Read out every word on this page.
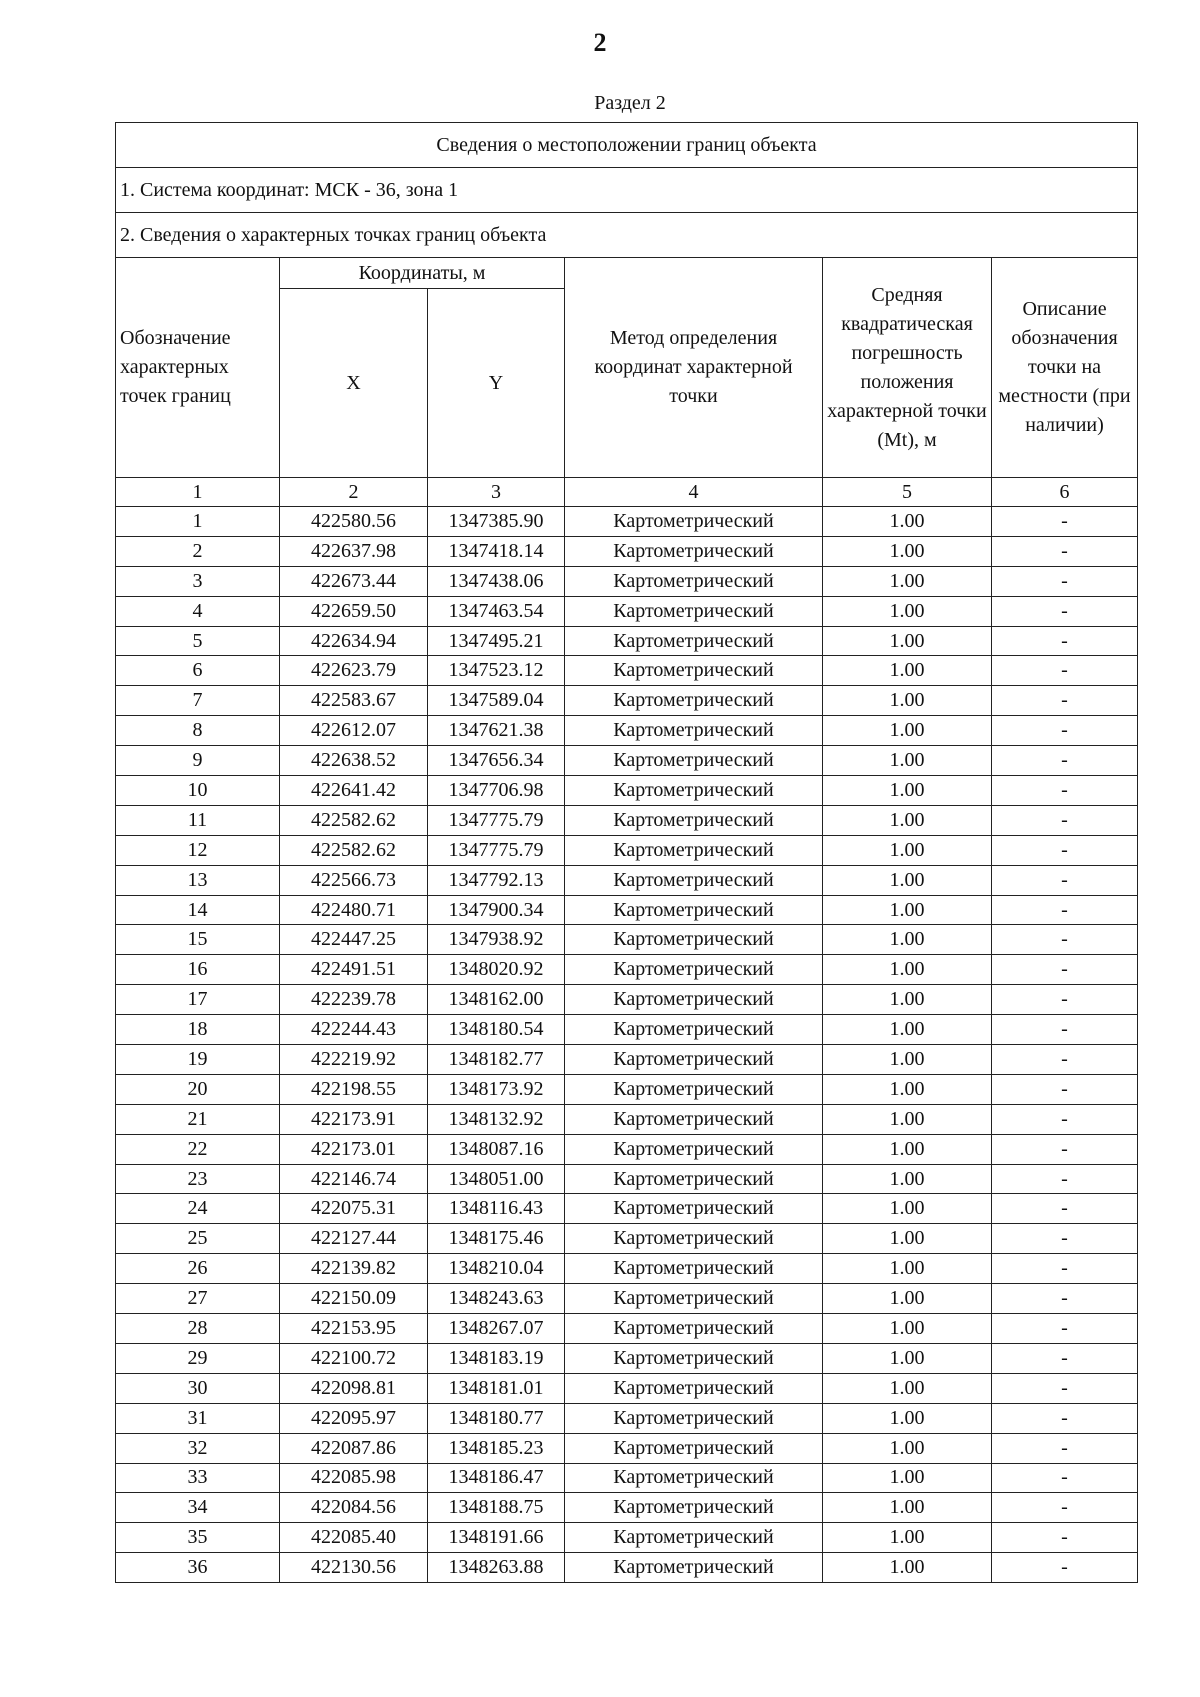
2
Раздел 2
Сведения о местоположении границ объекта					
1. Система координат: МСК - 36, зона 1					
2. Сведения о характерных точках границ объекта					
Обозначение характерных точек границ	Координаты, м		Метод определения координат характерной точки	Средняя квадратическая погрешность положения характерной точки (Mt), м	Описание обозначения точки на местности (при наличии)
	X	Y			
1	2	3	4	5	6
1	422580.56	1347385.90	Картометрический	1.00	-
2	422637.98	1347418.14	Картометрический	1.00	-
3	422673.44	1347438.06	Картометрический	1.00	-
4	422659.50	1347463.54	Картометрический	1.00	-
5	422634.94	1347495.21	Картометрический	1.00	-
6	422623.79	1347523.12	Картометрический	1.00	-
7	422583.67	1347589.04	Картометрический	1.00	-
8	422612.07	1347621.38	Картометрический	1.00	-
9	422638.52	1347656.34	Картометрический	1.00	-
10	422641.42	1347706.98	Картометрический	1.00	-
11	422582.62	1347775.79	Картометрический	1.00	-
12	422582.62	1347775.79	Картометрический	1.00	-
13	422566.73	1347792.13	Картометрический	1.00	-
14	422480.71	1347900.34	Картометрический	1.00	-
15	422447.25	1347938.92	Картометрический	1.00	-
16	422491.51	1348020.92	Картометрический	1.00	-
17	422239.78	1348162.00	Картометрический	1.00	-
18	422244.43	1348180.54	Картометрический	1.00	-
19	422219.92	1348182.77	Картометрический	1.00	-
20	422198.55	1348173.92	Картометрический	1.00	-
21	422173.91	1348132.92	Картометрический	1.00	-
22	422173.01	1348087.16	Картометрический	1.00	-
23	422146.74	1348051.00	Картометрический	1.00	-
24	422075.31	1348116.43	Картометрический	1.00	-
25	422127.44	1348175.46	Картометрический	1.00	-
26	422139.82	1348210.04	Картометрический	1.00	-
27	422150.09	1348243.63	Картометрический	1.00	-
28	422153.95	1348267.07	Картометрический	1.00	-
29	422100.72	1348183.19	Картометрический	1.00	-
30	422098.81	1348181.01	Картометрический	1.00	-
31	422095.97	1348180.77	Картометрический	1.00	-
32	422087.86	1348185.23	Картометрический	1.00	-
33	422085.98	1348186.47	Картометрический	1.00	-
34	422084.56	1348188.75	Картометрический	1.00	-
35	422085.40	1348191.66	Картометрический	1.00	-
36	422130.56	1348263.88	Картометрический	1.00	-
